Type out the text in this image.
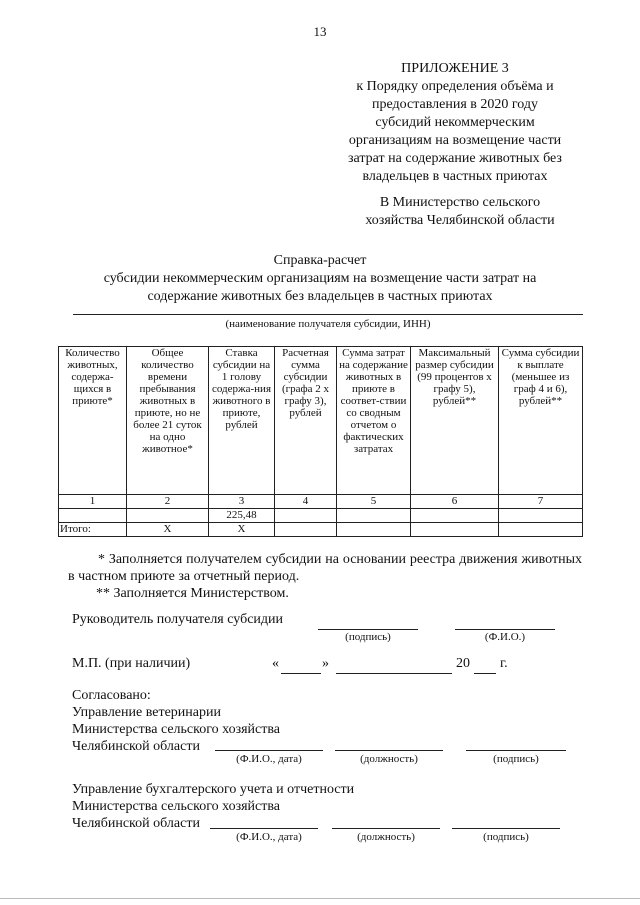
13
ПРИЛОЖЕНИЕ 3
к Порядку определения объёма и
предоставления в 2020 году
субсидий некоммерческим
организациям на возмещение части
затрат на содержание животных без
владельцев в частных приютах
В Министерство сельского
хозяйства Челябинской области
Справка-расчет
субсидии некоммерческим организациям на возмещение части затрат на
содержание животных без владельцев в частных приютах
(наименование получателя субсидии, ИНН)
Количество животных, содержа-щихся в приюте*	Общее количество времени пребывания животных в приюте, но не более 21 суток на одно животное*	Ставка субсидии на 1 голову содержа-ния животного в приюте, рублей	Расчетная сумма субсидии (графа 2 х графу 3), рублей	Сумма затрат на содержание животных в приюте в соответ-ствии со сводным отчетом о фактических затратах	Максимальный размер субсидии (99 процентов х графу 5), рублей**	Сумма субсидии к выплате (меньшее из граф 4 и 6), рублей**
1	2	3	4	5	6	7
		225,48				
Итого:	Х	Х				
* Заполняется получателем субсидии на основании реестра движения животных в частном приюте за отчетный период.
** Заполняется Министерством.
Руководитель получателя субсидии
(подпись)	(Ф.И.О.)
М.П. (при наличии)	«	»	20 г.
Согласовано:
Управление ветеринарии
Министерства сельского хозяйства
Челябинской области
(Ф.И.О., дата)	(должность)	(подпись)
Управление бухгалтерского учета и отчетности
Министерства сельского хозяйства
Челябинской области
(Ф.И.О., дата)	(должность)	(подпись)
